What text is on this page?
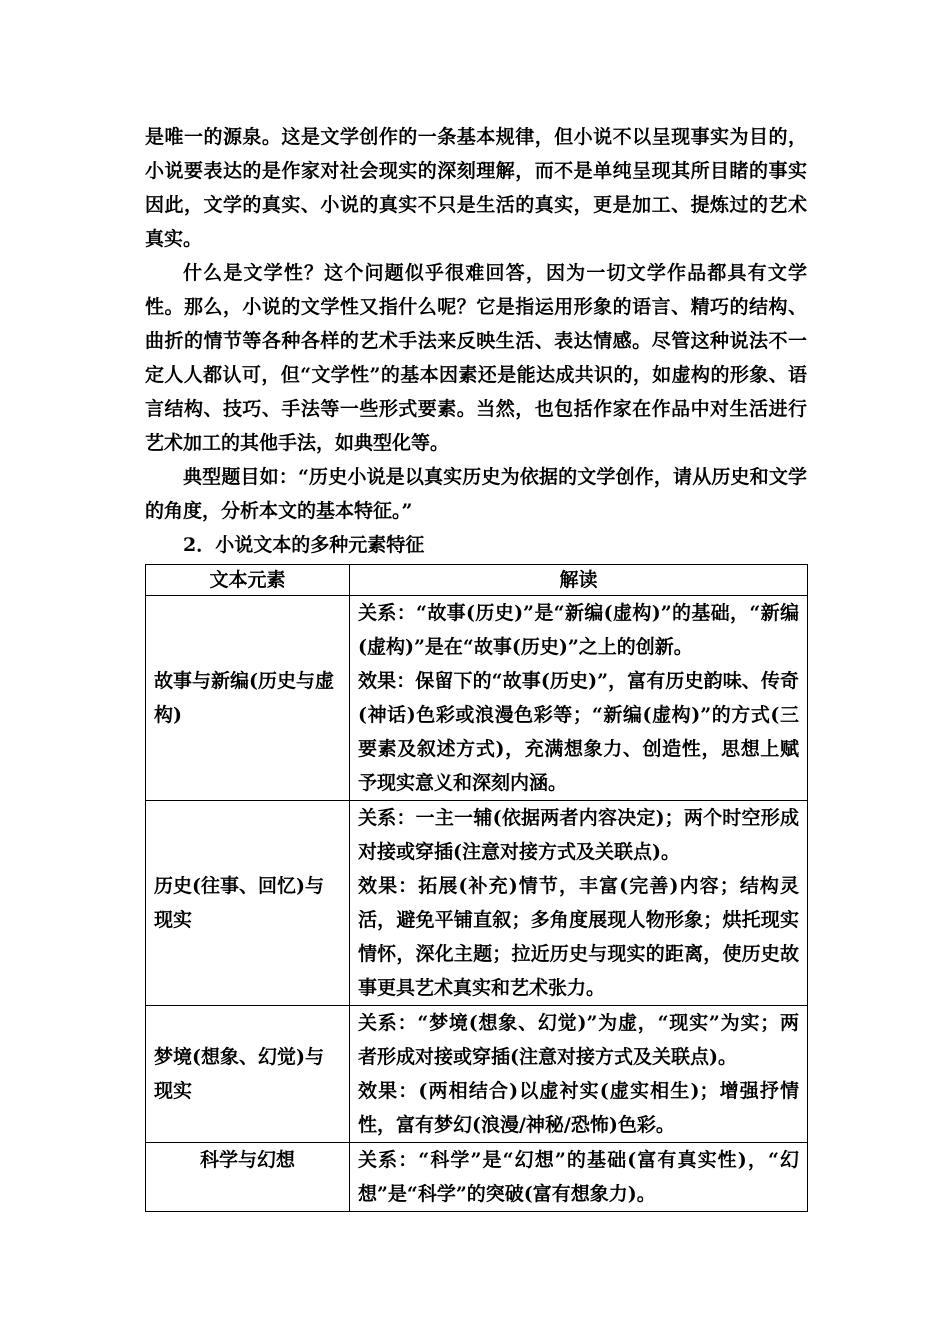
是唯一的源泉。这是文学创作的一条基本规律，但小说不以呈现事实为目的，小说要表达的是作家对社会现实的深刻理解，而不是单纯呈现其所目睹的事实因此，文学的真实、小说的真实不只是生活的真实，更是加工、提炼过的艺术真实。

什么是文学性？这个问题似乎很难回答，因为一切文学作品都具有文学性。那么，小说的文学性又指什么呢？它是指运用形象的语言、精巧的结构、曲折的情节等各种各样的艺术手法来反映生活、表达情感。尽管这种说法不一定人人都认可，但“文学性”的基本因素还是能达成共识的，如虚构的形象、语言结构、技巧、手法等一些形式要素。当然，也包括作家在作品中对生活进行艺术加工的其他手法，如典型化等。

典型题目如：“历史小说是以真实历史为依据的文学创作，请从历史和文学的角度，分析本文的基本特征。”

2．小说文本的多种元素特征

文本元素	解读
故事与新编(历史与虚构)	关系：“故事(历史)”是“新编(虚构)”的基础，“新编(虚构)”是在“故事(历史)”之上的创新。
效果：保留下的“故事(历史)”，富有历史韵味、传奇(神话)色彩或浪漫色彩等；“新编(虚构)”的方式(三要素及叙述方式)，充满想象力、创造性，思想上赋予现实意义和深刻内涵。

历史(往事、回忆)与现实	关系：一主一辅(依据两者内容决定)；两个时空形成对接或穿插(注意对接方式及关联点)。
效果：拓展(补充)情节，丰富(完善)内容；结构灵活，避免平铺直叙；多角度展现人物形象；烘托现实情怀，深化主题；拉近历史与现实的距离，使历史故事更具艺术真实和艺术张力。

梦境(想象、幻觉)与现实	关系：“梦境(想象、幻觉)”为虚，“现实”为实；两者形成对接或穿插(注意对接方式及关联点)。
效果：(两相结合)以虚衬实(虚实相生)；增强抒情性，富有梦幻(浪漫/神秘/恐怖)色彩。

科学与幻想	关系：“科学”是“幻想”的基础(富有真实性)，“幻想”是“科学”的突破(富有想象力)。
